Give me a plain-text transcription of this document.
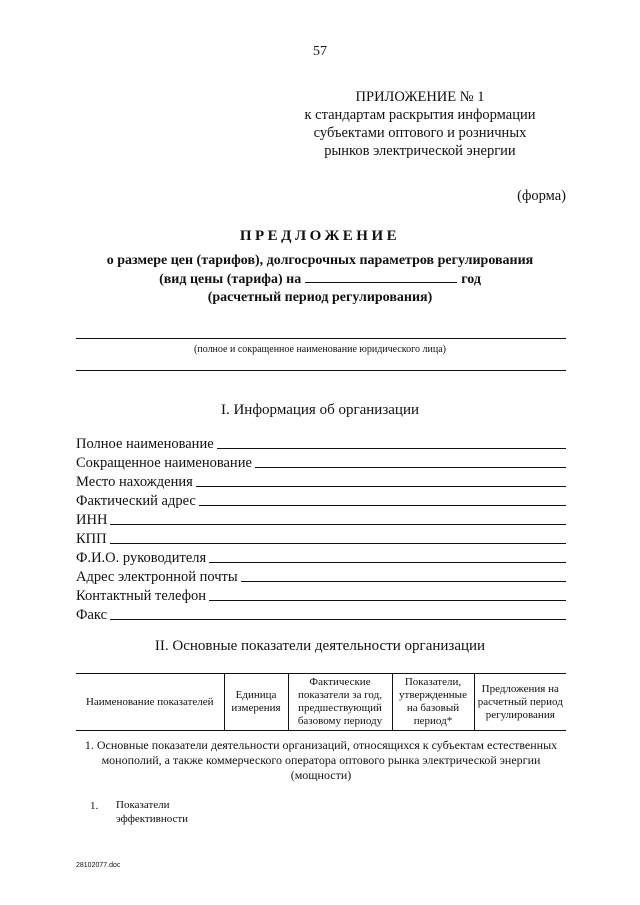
57
ПРИЛОЖЕНИЕ № 1
к стандартам раскрытия информации
субъектами оптового и розничных
рынков электрической энергии
(форма)
ПРЕДЛОЖЕНИЕ
о размере цен (тарифов), долгосрочных параметров регулирования
(вид цены (тарифа) на	год
(расчетный период регулирования)
(полное и сокращенное наименование юридического лица)
I. Информация об организации
Полное наименование
Сокращенное наименование
Место нахождения
Фактический адрес
ИНН
КПП
Ф.И.О. руководителя
Адрес электронной почты
Контактный телефон
Факс
II. Основные показатели деятельности организации
Наименование показателей	Единица измерения	Фактические показатели за год, предшествующий базовому периоду	Показатели, утвержденные на базовый период*	Предложения на расчетный период регулирования
1. Основные показатели деятельности организаций, относящихся к субъектам естественных монополий, а также коммерческого оператора оптового рынка электрической энергии (мощности)
1. Показатели эффективности
28102077.doc
